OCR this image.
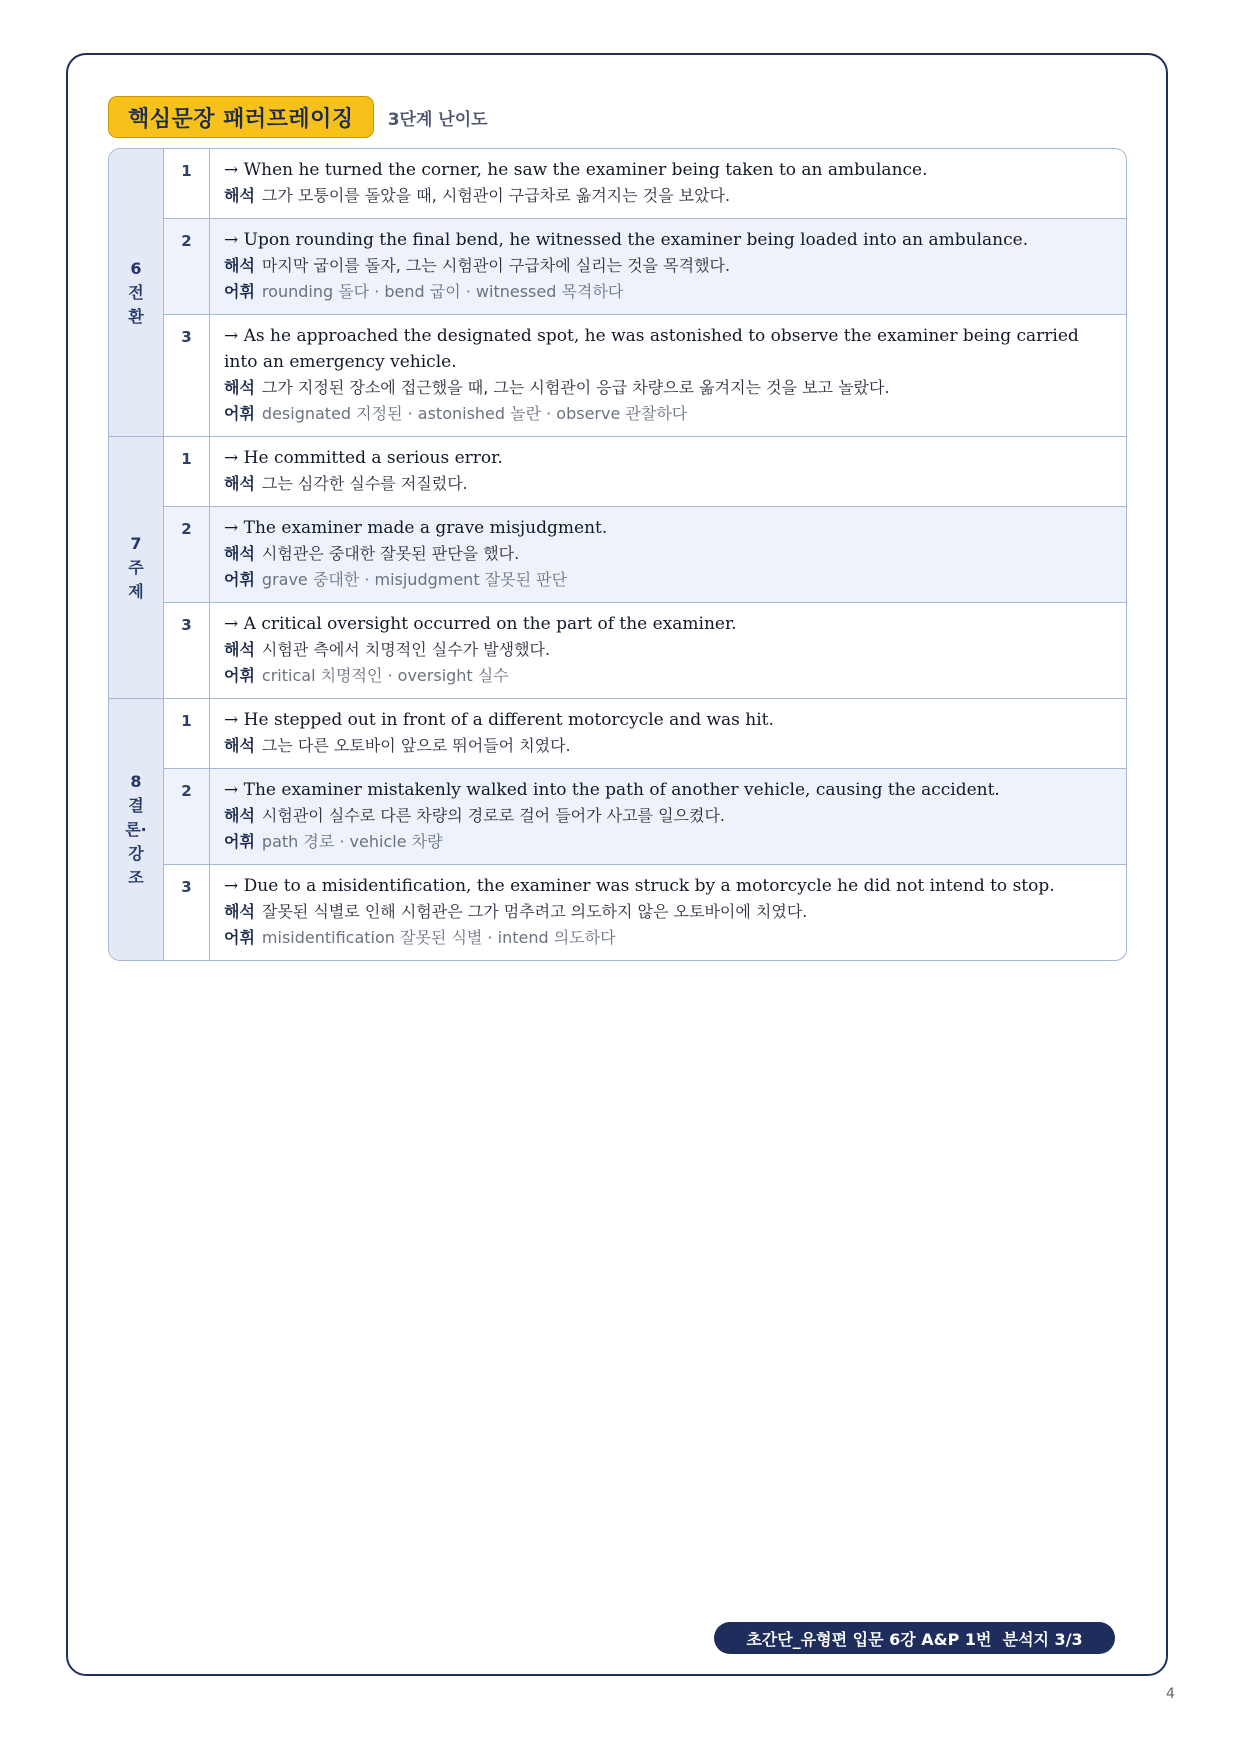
핵심문장 패러프레이징	3단계 난이도
6 전환
1	→ When he turned the corner, he saw the examiner being taken to an ambulance.
해석 그가 모퉁이를 돌았을 때, 시험관이 구급차로 옮겨지는 것을 보았다.
2	→ Upon rounding the final bend, he witnessed the examiner being loaded into an ambulance.
해석 마지막 굽이를 돌자, 그는 시험관이 구급차에 실리는 것을 목격했다.
어휘 rounding 돌다 · bend 굽이 · witnessed 목격하다
3	→ As he approached the designated spot, he was astonished to observe the examiner being carried into an emergency vehicle.
해석 그가 지정된 장소에 접근했을 때, 그는 시험관이 응급 차량으로 옮겨지는 것을 보고 놀랐다.
어휘 designated 지정된 · astonished 놀란 · observe 관찰하다
7 주제
1	→ He committed a serious error.
해석 그는 심각한 실수를 저질렀다.
2	→ The examiner made a grave misjudgment.
해석 시험관은 중대한 잘못된 판단을 했다.
어휘 grave 중대한 · misjudgment 잘못된 판단
3	→ A critical oversight occurred on the part of the examiner.
해석 시험관 측에서 치명적인 실수가 발생했다.
어휘 critical 치명적인 · oversight 실수
8 결론· 강조
1	→ He stepped out in front of a different motorcycle and was hit.
해석 그는 다른 오토바이 앞으로 뛰어들어 치였다.
2	→ The examiner mistakenly walked into the path of another vehicle, causing the accident.
해석 시험관이 실수로 다른 차량의 경로로 걸어 들어가 사고를 일으켰다.
어휘 path 경로 · vehicle 차량
3	→ Due to a misidentification, the examiner was struck by a motorcycle he did not intend to stop.
해석 잘못된 식별로 인해 시험관은 그가 멈추려고 의도하지 않은 오토바이에 치였다.
어휘 misidentification 잘못된 식별 · intend 의도하다
초간단_유형편 입문 6강 A&P 1번  분석지 3/3
4
